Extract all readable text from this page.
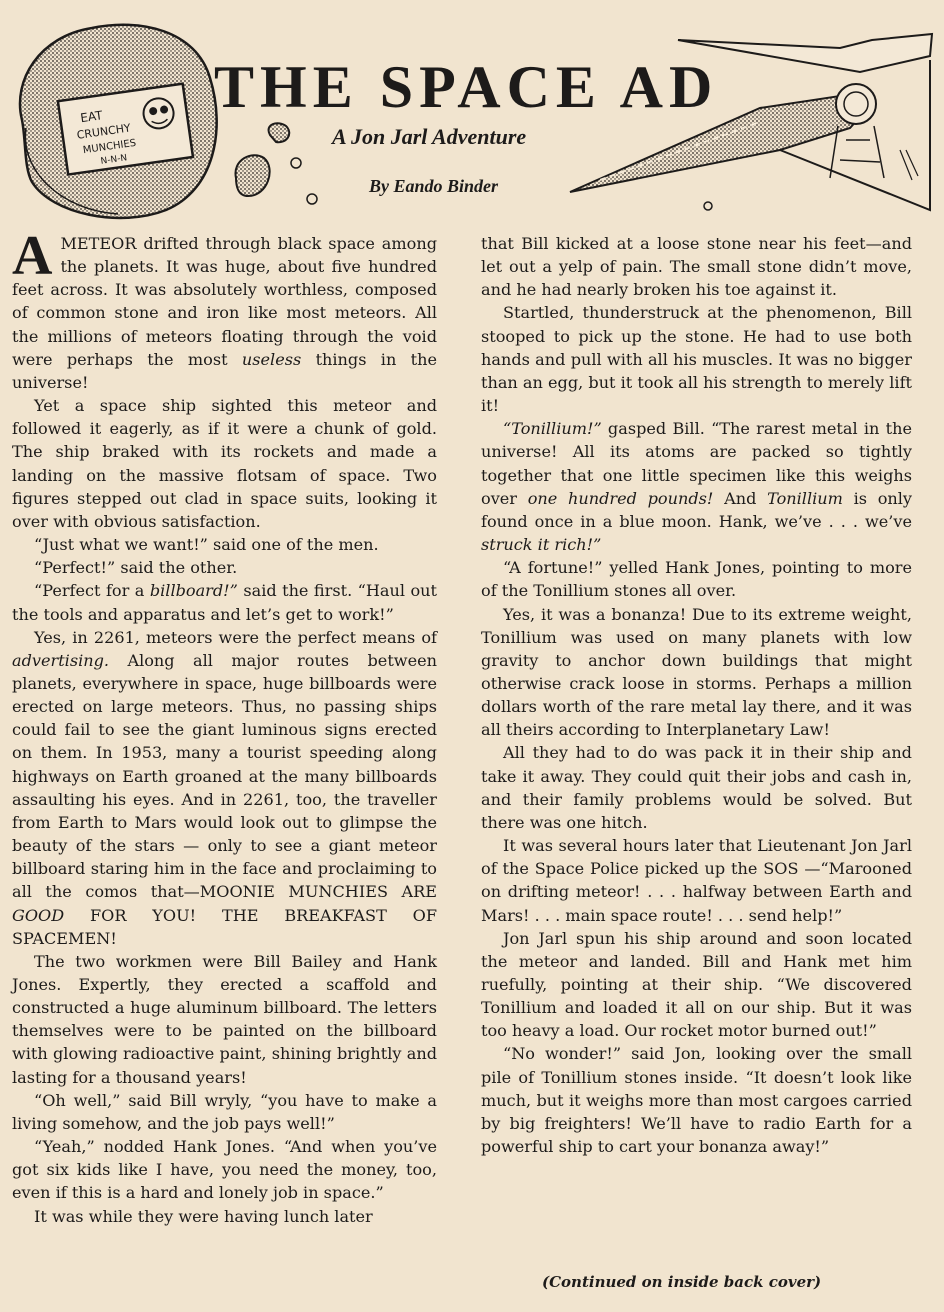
EAT
CRUNCHY
MUNCHIES
N-N-N
THE SPACE AD
A Jon Jarl Adventure
By Eando Binder

AMETEOR drifted through black space among the planets. It was huge, about five hundred feet across. It was absolutely worthless, composed of common stone and iron like most meteors. All the millions of meteors floating through the void were perhaps the most useless things in the universe!

Yet a space ship sighted this meteor and followed it eagerly, as if it were a chunk of gold. The ship braked with its rockets and made a landing on the massive flotsam of space. Two figures stepped out clad in space suits, looking it over with obvious satisfaction.

“Just what we want!” said one of the men.

“Perfect!” said the other.

“Perfect for a billboard!” said the first. “Haul out the tools and apparatus and let’s get to work!”

Yes, in 2261, meteors were the perfect means of advertising. Along all major routes between planets, everywhere in space, huge billboards were erected on large meteors. Thus, no passing ships could fail to see the giant luminous signs erected on them. In 1953, many a tourist speeding along highways on Earth groaned at the many billboards assaulting his eyes. And in 2261, too, the traveller from Earth to Mars would look out to glimpse the beauty of the stars — only to see a giant meteor billboard staring him in the face and proclaiming to all the comos that—MOONIE MUNCHIES ARE GOOD FOR YOU! THE BREAKFAST OF SPACEMEN!

The two workmen were Bill Bailey and Hank Jones. Expertly, they erected a scaffold and constructed a huge aluminum billboard. The letters themselves were to be painted on the billboard with glowing radioactive paint, shining brightly and lasting for a thousand years!

“Oh well,” said Bill wryly, “you have to make a living somehow, and the job pays well!”

“Yeah,” nodded Hank Jones. “And when you’ve got six kids like I have, you need the money, too, even if this is a hard and lonely job in space.”

It was while they were having lunch later

that Bill kicked at a loose stone near his feet—and let out a yelp of pain. The small stone didn’t move, and he had nearly broken his toe against it.

Startled, thunderstruck at the phenomenon, Bill stooped to pick up the stone. He had to use both hands and pull with all his muscles. It was no bigger than an egg, but it took all his strength to merely lift it!

“Tonillium!” gasped Bill. “The rarest metal in the universe! All its atoms are packed so tightly together that one little specimen like this weighs over one hundred pounds! And Tonillium is only found once in a blue moon. Hank, we’ve . . . we’ve struck it rich!”

“A fortune!” yelled Hank Jones, pointing to more of the Tonillium stones all over.

Yes, it was a bonanza! Due to its extreme weight, Tonillium was used on many planets with low gravity to anchor down buildings that might otherwise crack loose in storms. Perhaps a million dollars worth of the rare metal lay there, and it was all theirs according to Interplanetary Law!

All they had to do was pack it in their ship and take it away. They could quit their jobs and cash in, and their family problems would be solved. But there was one hitch.

It was several hours later that Lieutenant Jon Jarl of the Space Police picked up the SOS —“Marooned on drifting meteor! . . . halfway between Earth and Mars! . . . main space route! . . . send help!”

Jon Jarl spun his ship around and soon located the meteor and landed. Bill and Hank met him ruefully, pointing at their ship. “We discovered Tonillium and loaded it all on our ship. But it was too heavy a load. Our rocket motor burned out!”

“No wonder!” said Jon, looking over the small pile of Tonillium stones inside. “It doesn’t look like much, but it weighs more than most cargoes carried by big freighters! We’ll have to radio Earth for a powerful ship to cart your bonanza away!”

(Continued on inside back cover)
